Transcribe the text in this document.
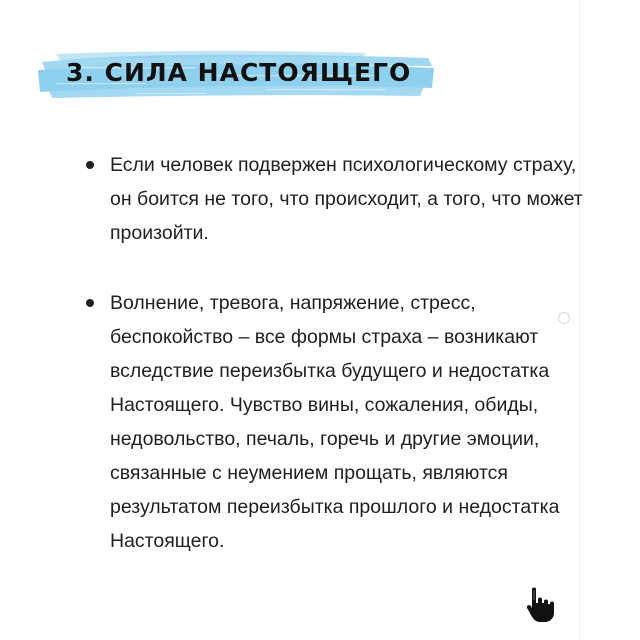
3. СИЛА НАСТОЯЩЕГО
Если человек подвержен психологическому страху, он боится не того, что происходит, а того, что может произойти.
Волнение, тревога, напряжение, стресс, беспокойство – все формы страха – возникают вследствие переизбытка будущего и недостатка Настоящего. Чувство вины, сожаления, обиды, недовольство, печаль, горечь и другие эмоции, связанные с неумением прощать, являются результатом переизбытка прошлого и недостатка Настоящего.
